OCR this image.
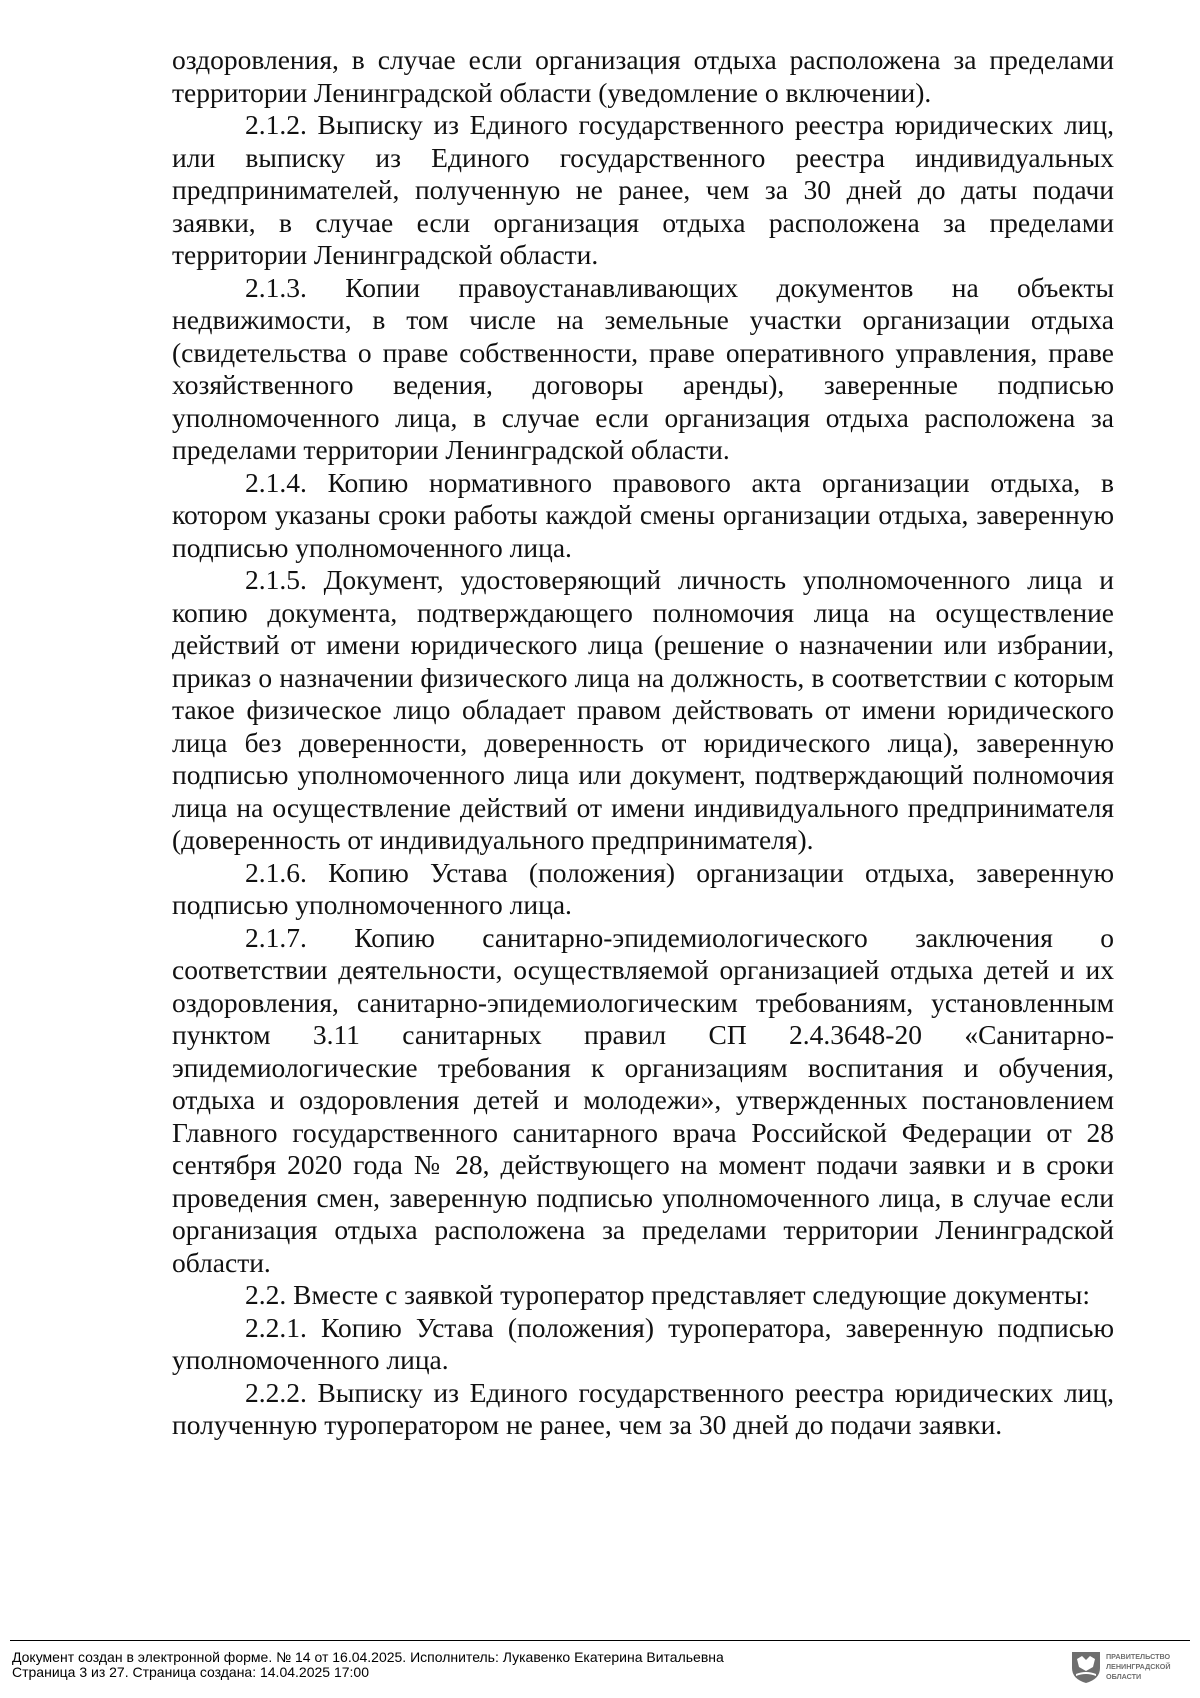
оздоровления, в случае если организация отдыха расположена за пределами территории Ленинградской области (уведомление о включении).

2.1.2. Выписку из Единого государственного реестра юридических лиц, или выписку из Единого государственного реестра индивидуальных предпринимателей, полученную не ранее, чем за 30 дней до даты подачи заявки, в случае если организация отдыха расположена за пределами территории Ленинградской области.

2.1.3. Копии правоустанавливающих документов на объекты недвижимости, в том числе на земельные участки организации отдыха (свидетельства о праве собственности, праве оперативного управления, праве хозяйственного ведения, договоры аренды), заверенные подписью уполномоченного лица, в случае если организация отдыха расположена за пределами территории Ленинградской области.

2.1.4. Копию нормативного правового акта организации отдыха, в котором указаны сроки работы каждой смены организации отдыха, заверенную подписью уполномоченного лица.

2.1.5. Документ, удостоверяющий личность уполномоченного лица и копию документа, подтверждающего полномочия лица на осуществление действий от имени юридического лица (решение о назначении или избрании, приказ о назначении физического лица на должность, в соответствии с которым такое физическое лицо обладает правом действовать от имени юридического лица без доверенности, доверенность от юридического лица), заверенную подписью уполномоченного лица или документ, подтверждающий полномочия лица на осуществление действий от имени индивидуального предпринимателя (доверенность от индивидуального предпринимателя).

2.1.6. Копию Устава (положения) организации отдыха, заверенную подписью уполномоченного лица.

2.1.7. Копию санитарно-эпидемиологического заключения о соответствии деятельности, осуществляемой организацией отдыха детей и их оздоровления, санитарно-эпидемиологическим требованиям, установленным пунктом 3.11 санитарных правил СП 2.4.3648-20 «Санитарно-эпидемиологические требования к организациям воспитания и обучения, отдыха и оздоровления детей и молодежи», утвержденных постановлением Главного государственного санитарного врача Российской Федерации от 28 сентября 2020 года № 28, действующего на момент подачи заявки и в сроки проведения смен, заверенную подписью уполномоченного лица, в случае если организация отдыха расположена за пределами территории Ленинградской области.

2.2. Вместе с заявкой туроператор представляет следующие документы:

2.2.1. Копию Устава (положения) туроператора, заверенную подписью уполномоченного лица.

2.2.2. Выписку из Единого государственного реестра юридических лиц, полученную туроператором не ранее, чем за 30 дней до подачи заявки.

Документ создан в электронной форме. № 14 от 16.04.2025. Исполнитель: Лукавенко Екатерина Витальевна
Страница 3 из 27. Страница создана: 14.04.2025 17:00
ПРАВИТЕЛЬСТВО
ЛЕНИНГРАДСКОЙ
ОБЛАСТИ
